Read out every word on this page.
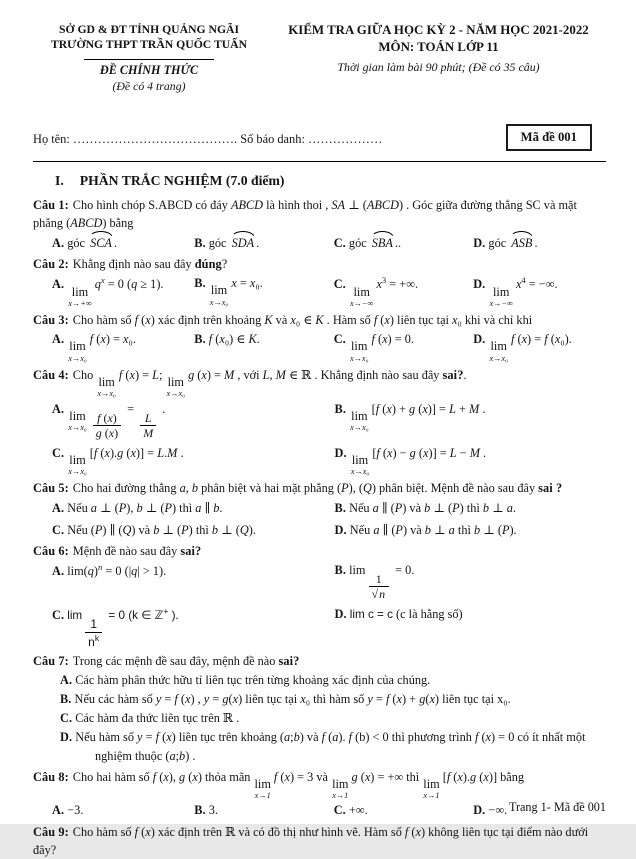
SỞ GD & ĐT TỈNH QUẢNG NGÃI
TRƯỜNG THPT TRẦN QUỐC TUẤN
ĐỀ CHÍNH THỨC
(Đề có 4 trang)
KIỂM TRA GIỮA HỌC KỲ 2 - NĂM HỌC 2021-2022
MÔN: TOÁN LỚP 11
Thời gian làm bài 90 phút; (Đề có 35 câu)
Mã đề 001
Họ tên: …………………………………. Số báo danh: ………………
I. PHẦN TRẮC NGHIỆM (7.0 điểm)

Câu 1: Cho hình chóp S.ABCD có đáy ABCD là hình thoi , SA ⊥ (ABCD) . Góc giữa đường thẳng SC và mặt phẳng (ABCD) bằng

A. góc SCA .	B. góc SDA .	C. góc SBA ..	D. góc ASB .

Câu 2: Khẳng định nào sau đây đúng?

A. lim
x→+∞
$q^x = 0$ (q ≥ 1).	B. lim
x→x₀
x = x₀.	C. lim
x→−∞
$x^3$ = +∞.	D. lim
x→−∞
$x^4$ = −∞.

Câu 3: Cho hàm số f (x) xác định trên khoảng K và x₀ ∈ K . Hàm số f (x) liên tục tại x₀ khi và chỉ khi

A. lim
x→x₀
f (x) = x₀.	B. f (x₀) ∈ K.	C. lim
x→x₀
f (x) = 0.	D. lim
x→x₀
f (x) = f (x₀).

Câu 4: Cho lim
x→x₀
f (x) = L; lim
x→x₀
g (x) = M , với L, M ∈ ℝ . Khẳng định nào sau đây sai?.

A. lim
$x\to x_0 \frac{f (x)}{g (x)}$
=
$\frac{L}{M}$
.	B. lim
x→x₀
[f (x) + g (x)] = L + M .
C. lim
x→x₀
[f (x).g (x)] = L.M .	D. lim
x→x₀
[f (x) − g (x)] = L − M .

Câu 5: Cho hai đường thẳng a, b phân biệt và hai mặt phẳng (P), (Q) phân biệt. Mệnh đề nào sau đây sai ?

A. Nếu a ⊥ (P), b ⊥ (P) thì a ∥ b.	B. Nếu a ∥ (P) và b ⊥ (P) thì b ⊥ a.
C. Nếu (P) ∥ (Q) và b ⊥ (P) thì b ⊥ (Q).	D. Nếu a ∥ (P) và b ⊥ a thì b ⊥ (P).

Câu 6: Mệnh đề nào sau đây sai?

A. $\lim(q)^n = 0$ (|q| > 1).	B. lim
$\frac{1}{√n}$
= 0.
C. lim
$\frac{1}{n^k}$
= 0 (k ∈ ℤ+ ).	D. lim c = c (c là hằng số)

Câu 7: Trong các mệnh đề sau đây, mệnh đề nào sai?

A. Các hàm phân thức hữu tỉ liên tục trên từng khoảng xác định của chúng.
B. Nếu các hàm số y = f (x) , y = g(x) liên tục tại x₀ thì hàm số y = f (x) + g(x) liên tục tại x₀.
C. Các hàm đa thức liên tục trên ℝ .
D. Nếu hàm số y = f (x) liên tục trên khoảng (a;b) và f (a). f (b) < 0 thì phương trình f (x) = 0 có ít nhất một nghiệm thuộc (a;b) .

Câu 8: Cho hai hàm số f (x), g (x) thỏa mãn lim
x→1
f (x) = 3 và lim
x→1
g (x) = +∞ thì lim
x→1
[f (x).g (x)] bằng

A. −3.	B. 3.	C. +∞.	D. −∞.

Câu 9: Cho hàm số f (x) xác định trên ℝ và có đồ thị như hình vẽ. Hàm số f (x) không liên tục tại điểm nào dưới đây?

Trang 1- Mã đề 001
